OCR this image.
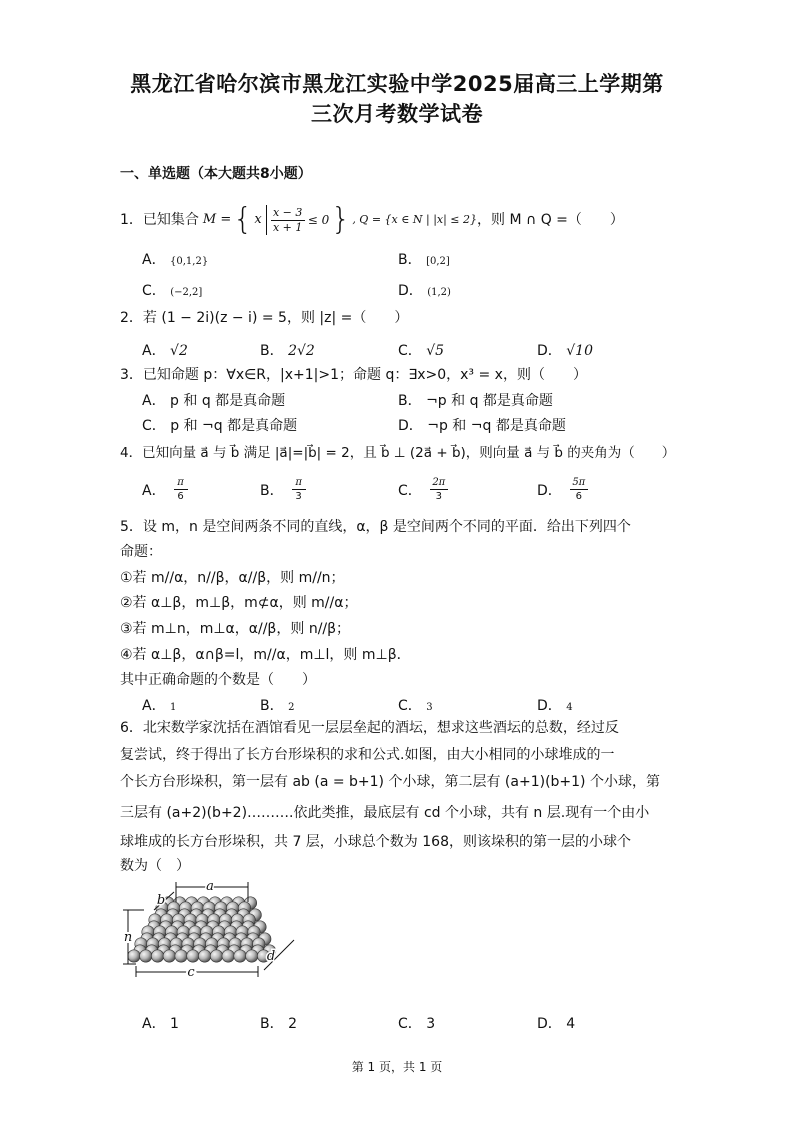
黑龙江省哈尔滨市黑龙江实验中学2025届高三上学期第
三次月考数学试卷
一、单选题（本大题共8小题）
1．已知集合 M = { x x − 3
x + 1 ≤ 0 } , Q = {x ∈ N | |x| ≤ 2} ，则 M ∩ Q =（　　）
A． {0,1,2}	B． [0,2]
C． (−2,2]	D． (1,2)
2．若 (1 − 2i)(z − i) = 5，则 |z| =（　　）
A． √2	B． 2√2	C． √5	D． √10
3．已知命题 p：∀x∈R，|x+1|>1；命题 q：∃x>0，x³ = x，则（　　）
A． p 和 q 都是真命题	B． ¬p 和 q 都是真命题
C． p 和 ¬q 都是真命题	D． ¬p 和 ¬q 都是真命题
4．已知向量 a⃗ 与 b⃗ 满足 |a⃗|=|b⃗| = 2，且 b⃗ ⊥ (2a⃗ + b⃗)，则向量 a⃗ 与 b⃗ 的夹角为（　　）
A． π
6	B． π
3	C． 2π
3	D． 5π
6
5．设 m，n 是空间两条不同的直线，α，β 是空间两个不同的平面．给出下列四个
命题：
①若 m//α，n//β，α//β，则 m//n；
②若 α⊥β，m⊥β，m⊄α，则 m//α；
③若 m⊥n，m⊥α，α//β，则 n//β；
④若 α⊥β，α∩β=l，m//α，m⊥l，则 m⊥β．
其中正确命题的个数是（　　）
A． 1	B． 2	C． 3	D． 4
6．北宋数学家沈括在酒馆看见一层层垒起的酒坛，想求这些酒坛的总数，经过反
复尝试，终于得出了长方台形垛积的求和公式.如图，由大小相同的小球堆成的一
个长方台形垛积，第一层有 ab (a = b+1) 个小球，第二层有 (a+1)(b+1) 个小球，第
三层有 (a+2)(b+2)……….依此类推，最底层有 cd 个小球，共有 n 层.现有一个由小
球堆成的长方台形垛积，共 7 层，小球总个数为 168，则该垛积的第一层的小球个
数为（　）
a
b
n
c
d
A． 1	B． 2	C． 3	D． 4
第 1 页，共 1 页
